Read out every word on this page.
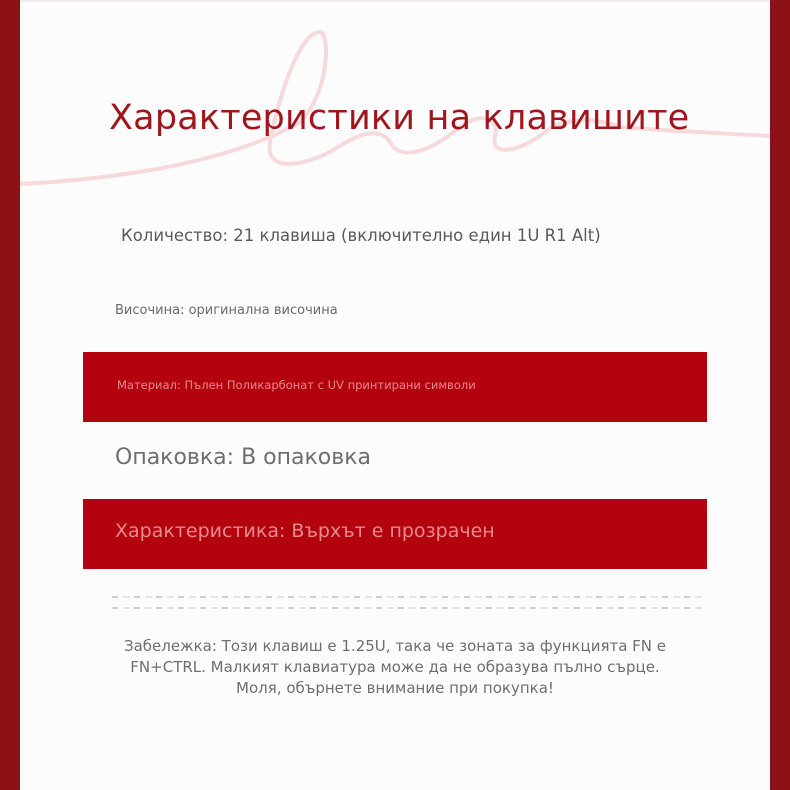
Характеристики на клавишите
Количество: 21 клавиша (включително един 1U R1 Alt)
Височина: оригинална височина
Материал: Пълен Поликарбонат с UV принтирани символи
Опаковка: В опаковка
Характеристика: Върхът е прозрачен
Забележка: Този клавиш е 1.25U, така че зоната за функцията FN е
FN+CTRL. Малкият клавиатура може да не образува пълно сърце.
Моля, обърнете внимание при покупка!
